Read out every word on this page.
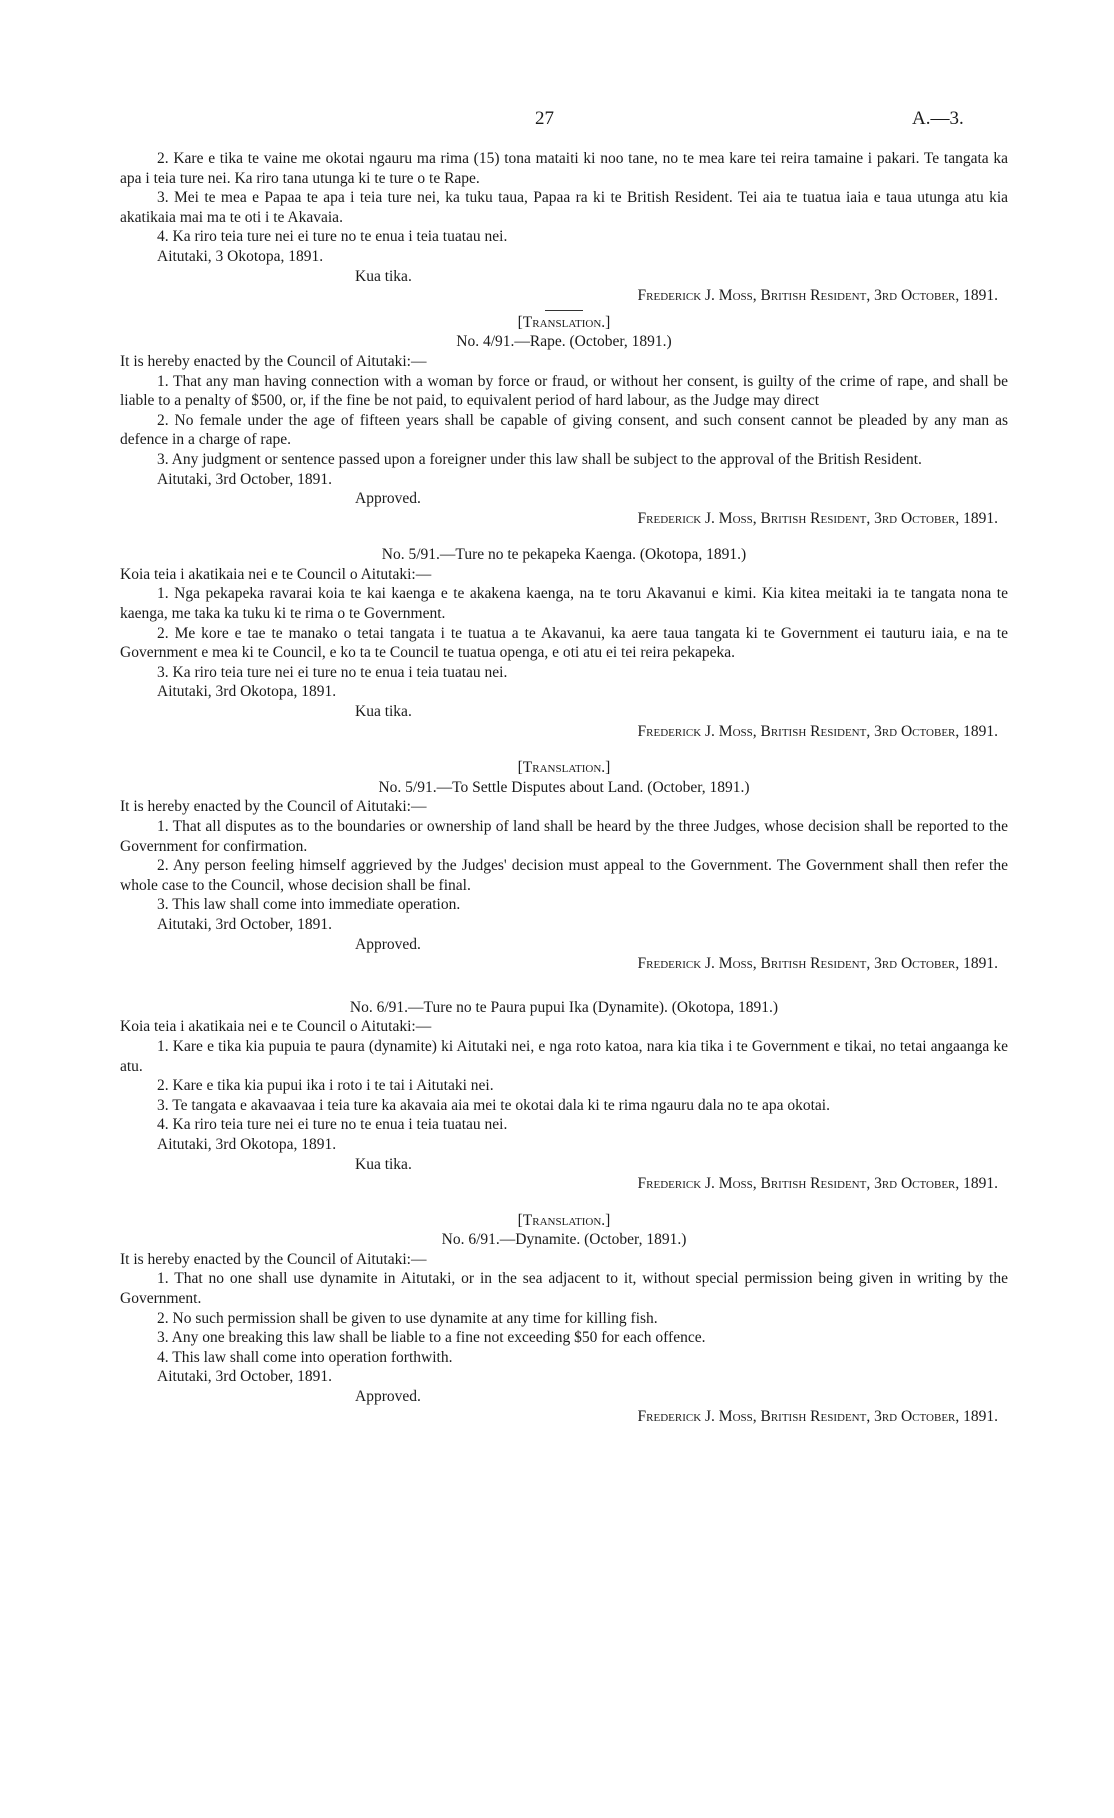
27	A.—3.

2. Kare e tika te vaine me okotai ngauru ma rima (15) tona mataiti ki noo tane, no te mea kare tei reira tamaine i pakari. Te tangata ka apa i teia ture nei. Ka riro tana utunga ki te ture o te Rape.

3. Mei te mea e Papaa te apa i teia ture nei, ka tuku taua, Papaa ra ki te British Resident. Tei aia te tuatua iaia e taua utunga atu kia akatikaia mai ma te oti i te Akavaia.

4. Ka riro teia ture nei ei ture no te enua i teia tuatau nei.

Aitutaki, 3 Okotopa, 1891.

Kua tika.

Frederick J. Moss, British Resident, 3rd October, 1891.

[Translation.]

No. 4/91.—Rape. (October, 1891.)

It is hereby enacted by the Council of Aitutaki:—

1. That any man having connection with a woman by force or fraud, or without her consent, is guilty of the crime of rape, and shall be liable to a penalty of $500, or, if the fine be not paid, to equivalent period of hard labour, as the Judge may direct

2. No female under the age of fifteen years shall be capable of giving consent, and such consent cannot be pleaded by any man as defence in a charge of rape.

3. Any judgment or sentence passed upon a foreigner under this law shall be subject to the approval of the British Resident.

Aitutaki, 3rd October, 1891.

Approved.

Frederick J. Moss, British Resident, 3rd October, 1891.

No. 5/91.—Ture no te pekapeka Kaenga. (Okotopa, 1891.)

Koia teia i akatikaia nei e te Council o Aitutaki:—

1. Nga pekapeka ravarai koia te kai kaenga e te akakena kaenga, na te toru Akavanui e kimi. Kia kitea meitaki ia te tangata nona te kaenga, me taka ka tuku ki te rima o te Government.

2. Me kore e tae te manako o tetai tangata i te tuatua a te Akavanui, ka aere taua tangata ki te Government ei tauturu iaia, e na te Government e mea ki te Council, e ko ta te Council te tuatua openga, e oti atu ei tei reira pekapeka.

3. Ka riro teia ture nei ei ture no te enua i teia tuatau nei.

Aitutaki, 3rd Okotopa, 1891.

Kua tika.

Frederick J. Moss, British Resident, 3rd October, 1891.

[Translation.]

No. 5/91.—To Settle Disputes about Land. (October, 1891.)

It is hereby enacted by the Council of Aitutaki:—

1. That all disputes as to the boundaries or ownership of land shall be heard by the three Judges, whose decision shall be reported to the Government for confirmation.

2. Any person feeling himself aggrieved by the Judges' decision must appeal to the Government. The Government shall then refer the whole case to the Council, whose decision shall be final.

3. This law shall come into immediate operation.

Aitutaki, 3rd October, 1891.

Approved.

Frederick J. Moss, British Resident, 3rd October, 1891.

No. 6/91.—Ture no te Paura pupui Ika (Dynamite). (Okotopa, 1891.)

Koia teia i akatikaia nei e te Council o Aitutaki:—

1. Kare e tika kia pupuia te paura (dynamite) ki Aitutaki nei, e nga roto katoa, nara kia tika i te Government e tikai, no tetai angaanga ke atu.

2. Kare e tika kia pupui ika i roto i te tai i Aitutaki nei.

3. Te tangata e akavaavaa i teia ture ka akavaia aia mei te okotai dala ki te rima ngauru dala no te apa okotai.

4. Ka riro teia ture nei ei ture no te enua i teia tuatau nei.

Aitutaki, 3rd Okotopa, 1891.

Kua tika.

Frederick J. Moss, British Resident, 3rd October, 1891.

[Translation.]

No. 6/91.—Dynamite. (October, 1891.)

It is hereby enacted by the Council of Aitutaki:—

1. That no one shall use dynamite in Aitutaki, or in the sea adjacent to it, without special permission being given in writing by the Government.

2. No such permission shall be given to use dynamite at any time for killing fish.

3. Any one breaking this law shall be liable to a fine not exceeding $50 for each offence.

4. This law shall come into operation forthwith.

Aitutaki, 3rd October, 1891.

Approved.

Frederick J. Moss, British Resident, 3rd October, 1891.
